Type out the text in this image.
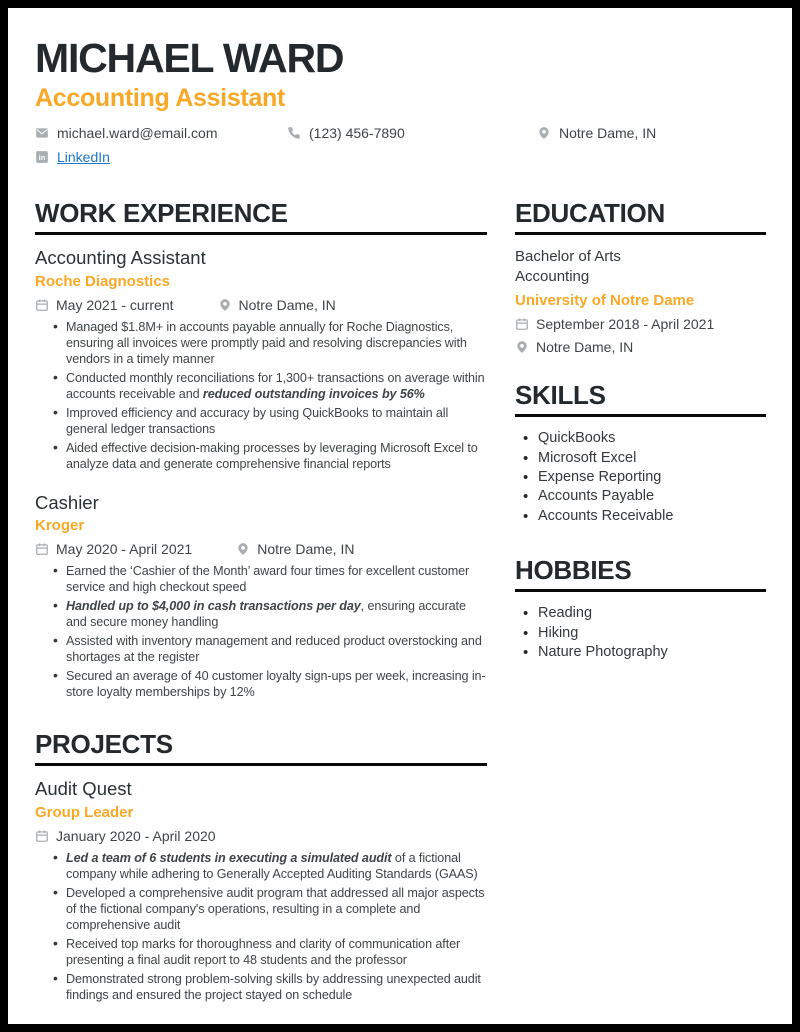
MICHAEL WARD
Accounting Assistant
michael.ward@email.com	(123) 456-7890	Notre Dame, IN
in LinkedIn
WORK EXPERIENCE
Accounting Assistant

Roche Diagnostics

May 2021 - current	Notre Dame, IN
• Managed $1.8M+ in accounts payable annually for Roche Diagnostics, ensuring all invoices were promptly paid and resolving discrepancies with vendors in a timely manner
• Conducted monthly reconciliations for 1,300+ transactions on average within accounts receivable and reduced outstanding invoices by 56%
• Improved efficiency and accuracy by using QuickBooks to maintain all general ledger transactions
• Aided effective decision-making processes by leveraging Microsoft Excel to analyze data and generate comprehensive financial reports
Cashier

Kroger

May 2020 - April 2021	Notre Dame, IN
• Earned the ‘Cashier of the Month’ award four times for excellent customer service and high checkout speed
• Handled up to $4,000 in cash transactions per day, ensuring accurate and secure money handling
• Assisted with inventory management and reduced product overstocking and shortages at the register
• Secured an average of 40 customer loyalty sign-ups per week, increasing in-store loyalty memberships by 12%
PROJECTS
Audit Quest

Group Leader

January 2020 - April 2020
• Led a team of 6 students in executing a simulated audit of a fictional company while adhering to Generally Accepted Auditing Standards (GAAS)
• Developed a comprehensive audit program that addressed all major aspects of the fictional company's operations, resulting in a complete and comprehensive audit
• Received top marks for thoroughness and clarity of communication after presenting a final audit report to 48 students and the professor
• Demonstrated strong problem-solving skills by addressing unexpected audit findings and ensured the project stayed on schedule
EDUCATION

Bachelor of Arts

Accounting

University of Notre Dame

September 2018 - April 2021
Notre Dame, IN
SKILLS
• QuickBooks
• Microsoft Excel
• Expense Reporting
• Accounts Payable
• Accounts Receivable
HOBBIES
• Reading
• Hiking
• Nature Photography
